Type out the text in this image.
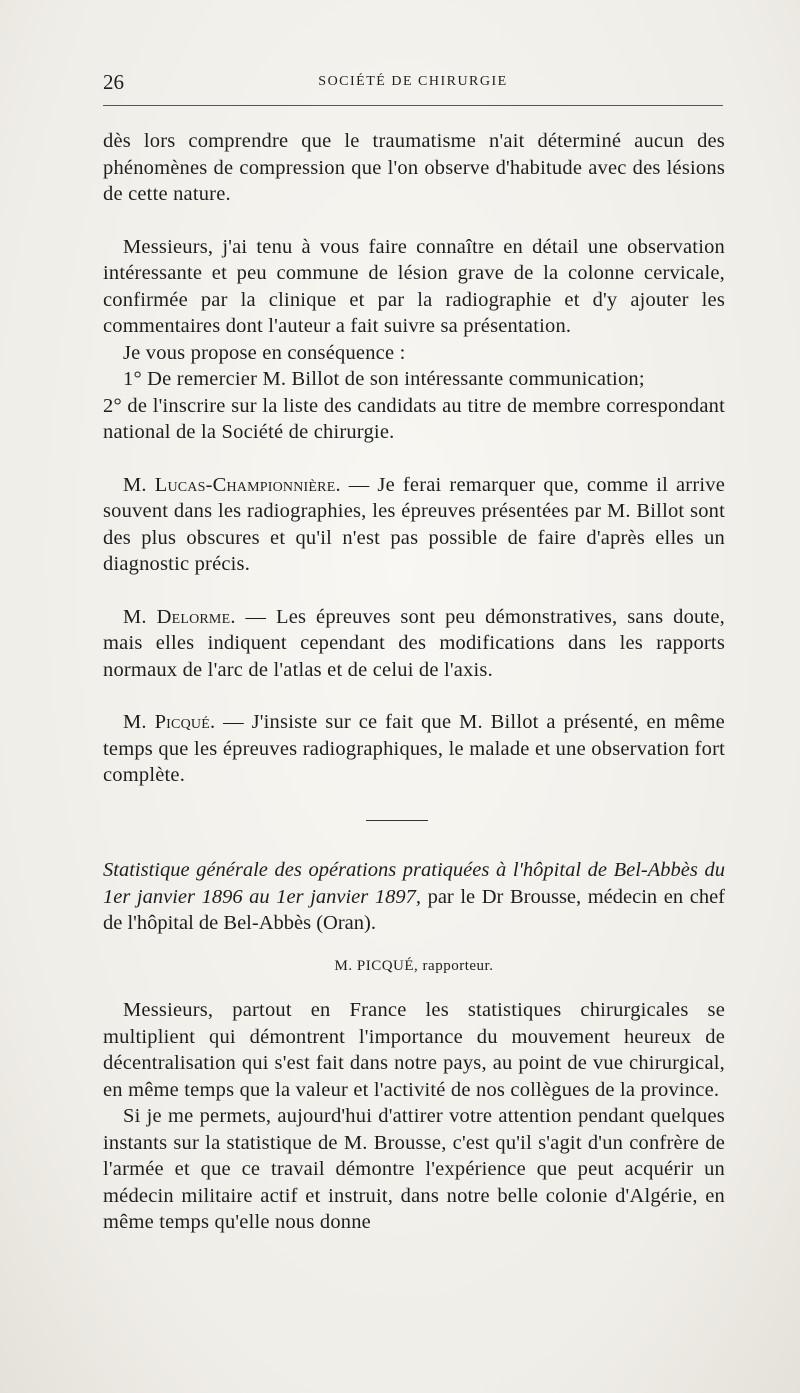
26	SOCIÉTÉ DE CHIRURGIE

dès lors comprendre que le traumatisme n'ait déterminé aucun des phénomènes de compression que l'on observe d'habitude avec des lésions de cette nature.

Messieurs, j'ai tenu à vous faire connaître en détail une observation intéressante et peu commune de lésion grave de la colonne cervicale, confirmée par la clinique et par la radiographie et d'y ajouter les commentaires dont l'auteur a fait suivre sa présentation.

Je vous propose en conséquence :

1° De remercier M. Billot de son intéressante communication;

2° de l'inscrire sur la liste des candidats au titre de membre correspondant national de la Société de chirurgie.

M. Lucas-Championnière. — Je ferai remarquer que, comme il arrive souvent dans les radiographies, les épreuves présentées par M. Billot sont des plus obscures et qu'il n'est pas possible de faire d'après elles un diagnostic précis.

M. Delorme. — Les épreuves sont peu démonstratives, sans doute, mais elles indiquent cependant des modifications dans les rapports normaux de l'arc de l'atlas et de celui de l'axis.

M. Picqué. — J'insiste sur ce fait que M. Billot a présenté, en même temps que les épreuves radiographiques, le malade et une observation fort complète.

Statistique générale des opérations pratiquées à l'hôpital de Bel-Abbès du 1er janvier 1896 au 1er janvier 1897, par le Dr Brousse, médecin en chef de l'hôpital de Bel-Abbès (Oran).
M. PICQUÉ, rapporteur.

Messieurs, partout en France les statistiques chirurgicales se multiplient qui démontrent l'importance du mouvement heureux de décentralisation qui s'est fait dans notre pays, au point de vue chirurgical, en même temps que la valeur et l'activité de nos collègues de la province.

Si je me permets, aujourd'hui d'attirer votre attention pendant quelques instants sur la statistique de M. Brousse, c'est qu'il s'agit d'un confrère de l'armée et que ce travail démontre l'expérience que peut acquérir un médecin militaire actif et instruit, dans notre belle colonie d'Algérie, en même temps qu'elle nous donne
